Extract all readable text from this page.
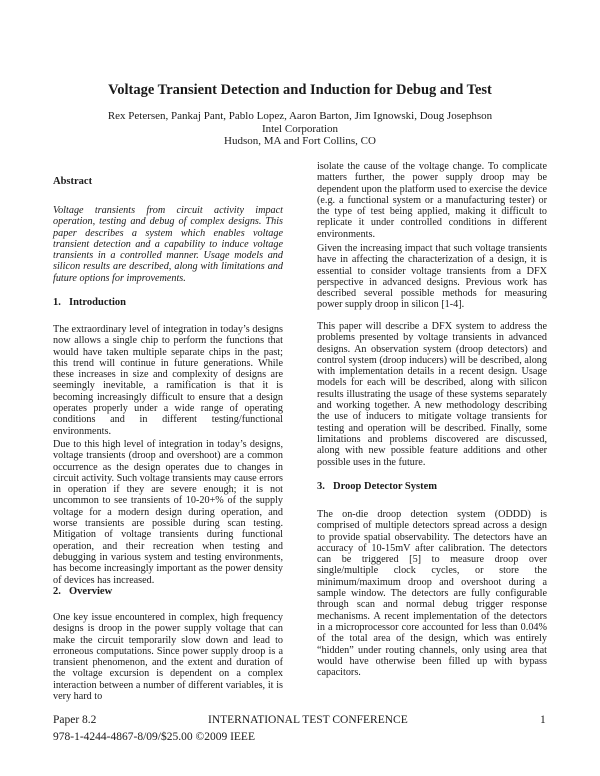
Voltage Transient Detection and Induction for Debug and Test
Rex Petersen, Pankaj Pant, Pablo Lopez, Aaron Barton, Jim Ignowski, Doug Josephson
Intel Corporation
Hudson, MA and Fort Collins, CO
Abstract
Voltage transients from circuit activity impact operation, testing and debug of complex designs. This paper describes a system which enables voltage transient detection and a capability to induce voltage transients in a controlled manner. Usage models and silicon results are described, along with limitations and future options for improvements.
1. Introduction
The extraordinary level of integration in today’s designs now allows a single chip to perform the functions that would have taken multiple separate chips in the past; this trend will continue in future generations. While these increases in size and complexity of designs are seemingly inevitable, a ramification is that it is becoming increasingly difficult to ensure that a design operates properly under a wide range of operating conditions and in different testing/functional environments.
Due to this high level of integration in today’s designs, voltage transients (droop and overshoot) are a common occurrence as the design operates due to changes in circuit activity. Such voltage transients may cause errors in operation if they are severe enough; it is not uncommon to see transients of 10-20+% of the supply voltage for a modern design during operation, and worse transients are possible during scan testing. Mitigation of voltage transients during functional operation, and their recreation when testing and debugging in various system and testing environments, has become increasingly important as the power density of devices has increased.
2. Overview
One key issue encountered in complex, high frequency designs is droop in the power supply voltage that can make the circuit temporarily slow down and lead to erroneous computations. Since power supply droop is a transient phenomenon, and the extent and duration of the voltage excursion is dependent on a complex interaction between a number of different variables, it is very hard to
isolate the cause of the voltage change. To complicate matters further, the power supply droop may be dependent upon the platform used to exercise the device (e.g. a functional system or a manufacturing tester) or the type of test being applied, making it difficult to replicate it under controlled conditions in different environments.
Given the increasing impact that such voltage transients have in affecting the characterization of a design, it is essential to consider voltage transients from a DFX perspective in advanced designs. Previous work has described several possible methods for measuring power supply droop in silicon [1-4].
This paper will describe a DFX system to address the problems presented by voltage transients in advanced designs. An observation system (droop detectors) and control system (droop inducers) will be described, along with implementation details in a recent design. Usage models for each will be described, along with silicon results illustrating the usage of these systems separately and working together. A new methodology describing the use of inducers to mitigate voltage transients for testing and operation will be described. Finally, some limitations and problems discovered are discussed, along with new possible feature additions and other possible uses in the future.
3. Droop Detector System
The on-die droop detection system (ODDD) is comprised of multiple detectors spread across a design to provide spatial observability. The detectors have an accuracy of 10-15mV after calibration. The detectors can be triggered [5] to measure droop over single/multiple clock cycles, or store the minimum/maximum droop and overshoot during a sample window. The detectors are fully configurable through scan and normal debug trigger response mechanisms. A recent implementation of the detectors in a microprocessor core accounted for less than 0.04% of the total area of the design, which was entirely “hidden” under routing channels, only using area that would have otherwise been filled up with bypass capacitors.
Paper 8.2	INTERNATIONAL TEST CONFERENCE	1
978-1-4244-4867-8/09/$25.00 ©2009 IEEE
